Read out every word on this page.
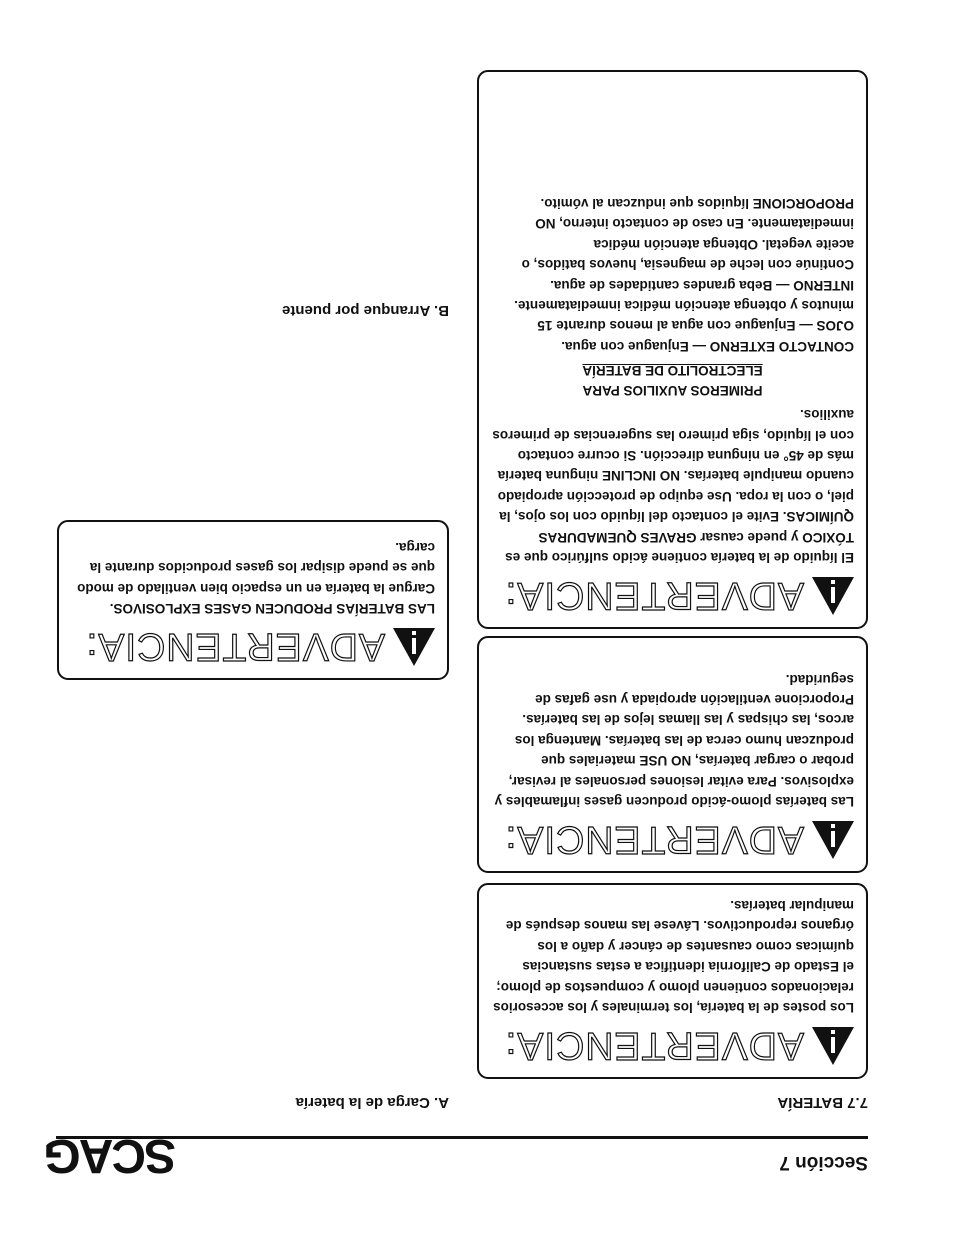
SCAG	Sección 7
7.7 BATERÍA
A. Carga de la batería
B. Arranque por puente
ADVERTENCIA:
Los postes de la batería, los terminales y los accesorios relacionados contienen plomo y compuestos de plomo; el Estado de California identifica a estas sustancias químicas como causantes de cáncer y daño a los órganos reproductivos. Lávese las manos después de manipular baterías.
ADVERTENCIA:
Las baterías plomo-ácido producen gases inflamables y explosivos. Para evitar lesiones personales al revisar, probar o cargar baterías, NO USE materiales que produzcan humo cerca de las baterías. Mantenga los arcos, las chispas y las llamas lejos de las baterías. Proporcione ventilación apropiada y use gafas de seguridad.
ADVERTENCIA:

El líquido de la batería contiene ácido sulfúrico que es TÓXICO y puede causar GRAVES QUEMADURAS QUÍMICAS. Evite el contacto del líquido con los ojos, la piel, o con la ropa. Use equipo de protección apropiado cuando manipule baterías. NO INCLINE ninguna batería más de 45° en ninguna dirección. Si ocurre contacto con el líquido, siga primero las sugerencias de primeros auxilios.

PRIMEROS AUXILIOS PARA
ELECTROLITO DE BATERÍA

CONTACTO EXTERNO — Enjuague con agua.

OJOS — Enjuague con agua al menos durante 15 minutos y obtenga atención médica inmediatamente.

INTERNO — Beba grandes cantidades de agua. Continúe con leche de magnesia, huevos batidos, o aceite vegetal. Obtenga atención médica inmediatamente. En caso de contacto interno, NO PROPORCIONE líquidos que induzcan al vómito.

ADVERTENCIA:
LAS BATERÍAS PRODUCEN GASES EXPLOSIVOS. Cargue la batería en un espacio bien ventilado de modo que se puede disipar los gases producidos durante la carga.
